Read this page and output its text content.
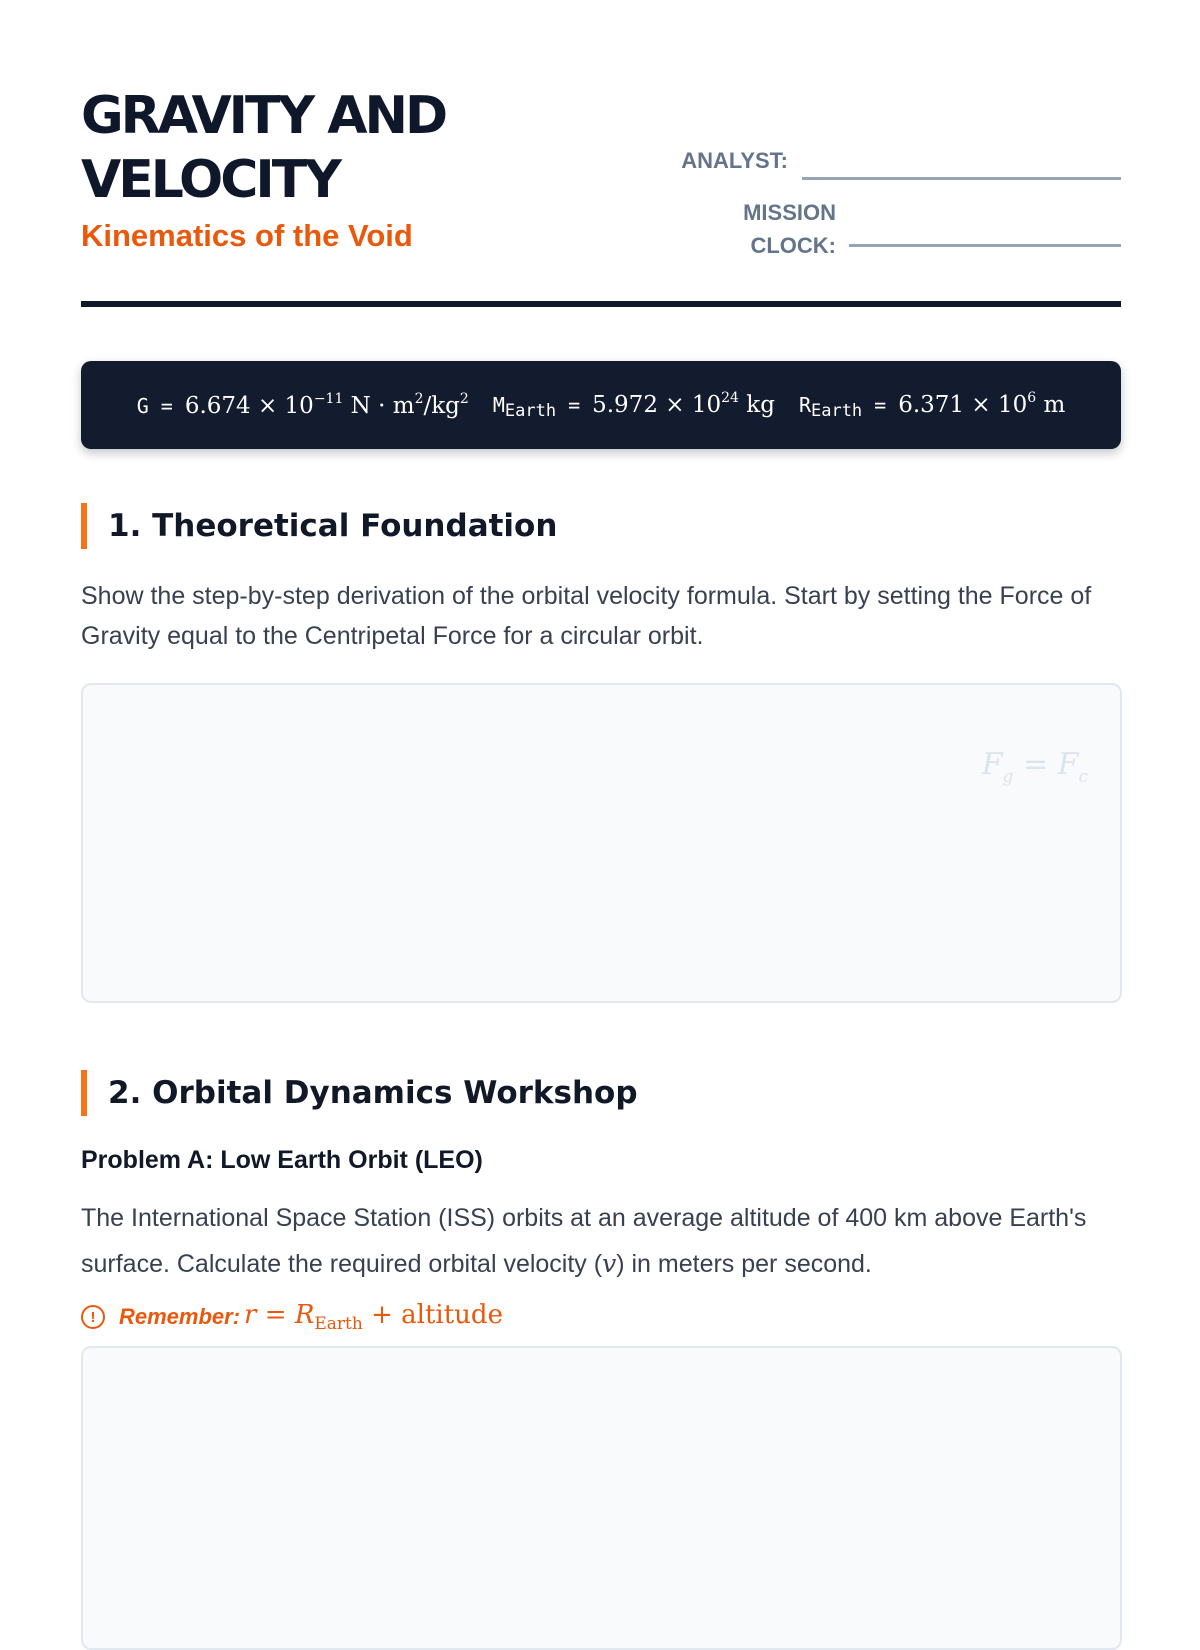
GRAVITY AND
VELOCITY

Kinematics of the Void

ANALYST:
MISSION
CLOCK:
$G = 6.674 \times 10^{-11}$ $N \cdot m^2/kg^2$ $M_{Earth} = 5.972 \times 10^{24}$ kg $R_{Earth} = 6.371 \times 10^6$ m
1. Theoretical Foundation

Show the step-by-step derivation of the orbital velocity formula. Start by setting the Force of Gravity equal to the Centripetal Force for a circular orbit.

$F_g = F_c$
2. Orbital Dynamics Workshop

Problem A: Low Earth Orbit (LEO)

The International Space Station (ISS) orbits at an average altitude of 400 km above Earth's surface. Calculate the required orbital velocity (v) in meters per second.

!	Remember: $r = R_{Earth}$ + altitude
